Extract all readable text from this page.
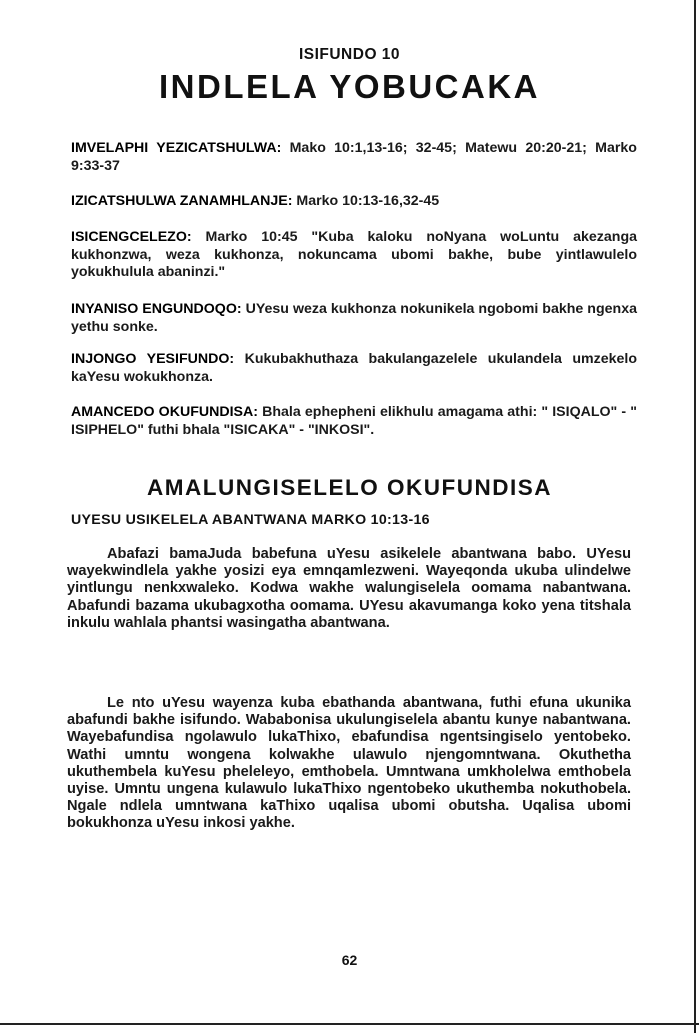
ISIFUNDO 10
INDLELA YOBUCAKA
IMVELAPHI YEZICATSHULWA: Mako 10:1,13-16; 32-45; Matewu 20:20-21; Marko 9:33-37
IZICATSHULWA ZANAMHLANJE: Marko 10:13-16,32-45
ISICENGCELEZO: Marko 10:45 "Kuba kaloku noNyana woLuntu akezanga kukhonzwa, weza kukhonza, nokuncama ubomi bakhe, bube yintlawulelo yokukhulula abaninzi."
INYANISO ENGUNDOQO: UYesu weza kukhonza nokunikela ngobomi bakhe ngenxa yethu sonke.
INJONGO YESIFUNDO: Kukubakhuthaza bakulangazelele ukulandela umzekelo kaYesu wokukhonza.
AMANCEDO OKUFUNDISA: Bhala ephepheni elikhulu amagama athi: " ISIQALO" - " ISIPHELO" futhi bhala "ISICAKA" - "INKOSI".
AMALUNGISELELO OKUFUNDISA
UYESU USIKELELA ABANTWANA MARKO 10:13-16
Abafazi bamaJuda babefuna uYesu asikelele abantwana babo. UYesu wayekwindlela yakhe yosizi eya emnqamlezweni. Wayeqonda ukuba ulindelwe yintlungu nenkxwaleko. Kodwa wakhe walungiselela oomama nabantwana. Abafundi bazama ukubagxotha oomama. UYesu akavumanga koko yena titshala inkulu wahlala phantsi wasingatha abantwana.
Le nto uYesu wayenza kuba ebathanda abantwana, futhi efuna ukunika abafundi bakhe isifundo. Wababonisa ukulungiselela abantu kunye nabantwana. Wayebafundisa ngolawulo lukaThixo, ebafundisa ngentsingiselo yentobeko. Wathi umntu wongena kolwakhe ulawulo njengomntwana. Okuthetha ukuthembela kuYesu pheleleyo, emthobela. Umntwana umkholelwa emthobela uyise. Umntu ungena kulawulo lukaThixo ngentobeko ukuthemba nokuthobela. Ngale ndlela umntwana kaThixo uqalisa ubomi obutsha. Uqalisa ubomi bokukhonza uYesu inkosi yakhe.
62
